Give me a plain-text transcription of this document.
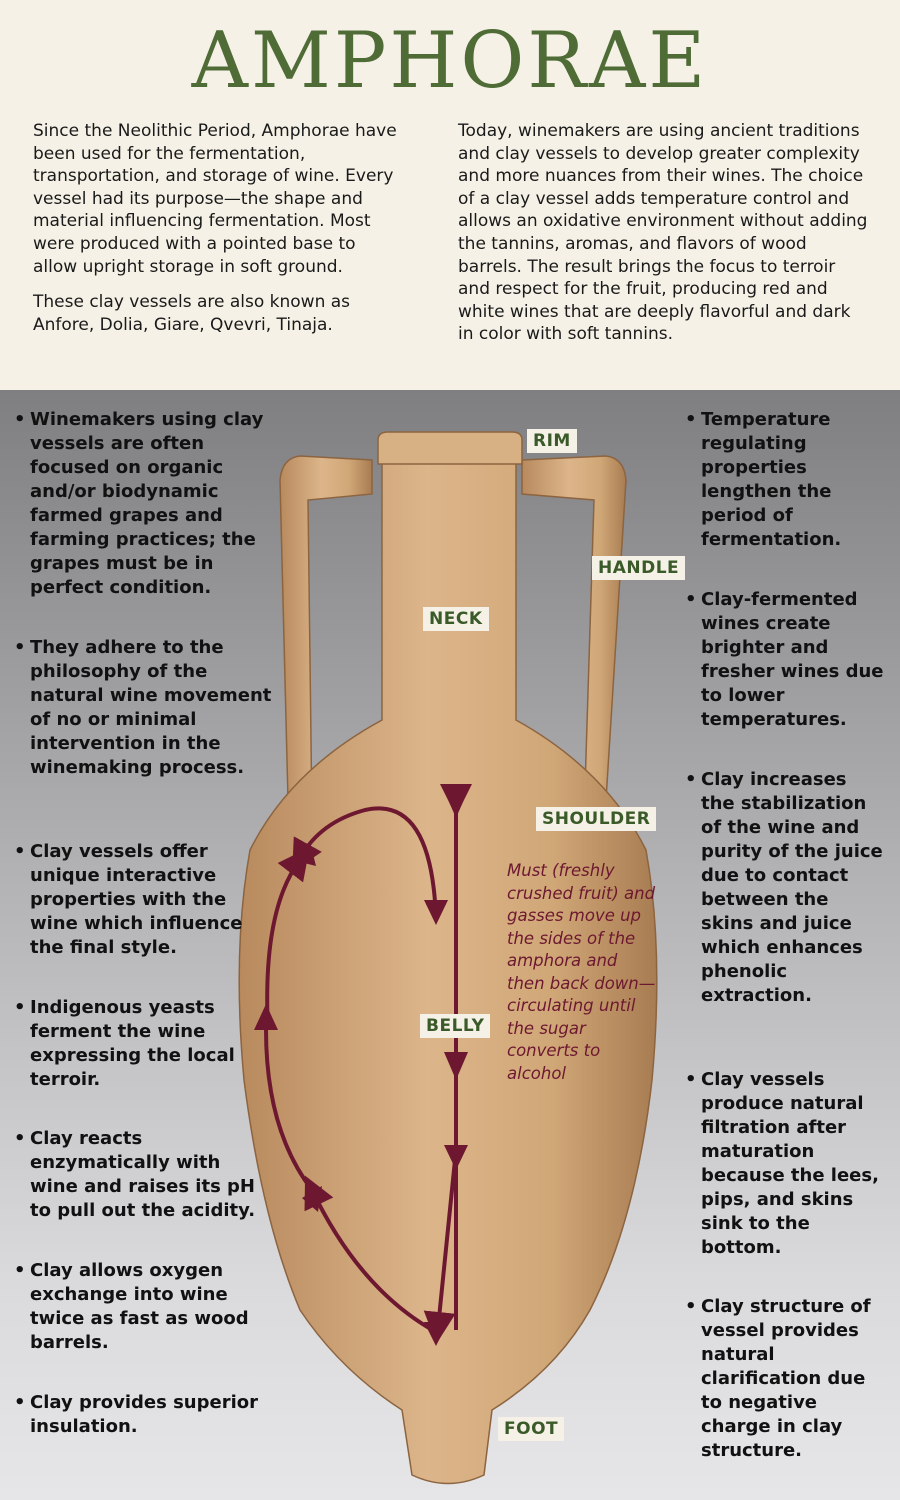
AMPHORAE

Since the Neolithic Period, Amphorae have been used for the fermentation, transportation, and storage of wine. Every vessel had its purpose—the shape and material influencing fermentation. Most were produced with a pointed base to allow upright storage in soft ground.

These clay vessels are also known as Anfore, Dolia, Giare, Qvevri, Tinaja.

Today, winemakers are using ancient traditions and clay vessels to develop greater complexity and more nuances from their wines. The choice of a clay vessel adds temperature control and allows an oxidative environment without adding the tannins, aromas, and flavors of wood barrels. The result brings the focus to terroir and respect for the fruit, producing red and white wines that are deeply flavorful and dark in color with soft tannins.

• Winemakers using clay vessels are often focused on organic and/or biodynamic farmed grapes and farming practices; the grapes must be in perfect condition.
• They adhere to the philosophy of the natural wine movement of no or minimal intervention in the winemaking process.
• Clay vessels offer unique interactive properties with the wine which influence the final style.
• Indigenous yeasts ferment the wine expressing the local terroir.
• Clay reacts enzymatically with wine and raises its pH to pull out the acidity.
• Clay allows oxygen exchange into wine twice as fast as wood barrels.
• Clay provides superior insulation.
• Temperature regulating properties lengthen the period of fermentation.
• Clay-fermented wines create brighter and fresher wines due to lower temperatures.
• Clay increases the stabilization of the wine and purity of the juice due to contact between the skins and juice which enhances phenolic extraction.
• Clay vessels produce natural filtration after maturation because the lees, pips, and skins sink to the bottom.
• Clay structure of vessel provides natural clarification due to negative charge in clay structure.
RIM
HANDLE
NECK
SHOULDER
BELLY
FOOT
Must (freshly crushed fruit) and gasses move up the sides of the amphora and then back down—circulating until the sugar converts to alcohol
